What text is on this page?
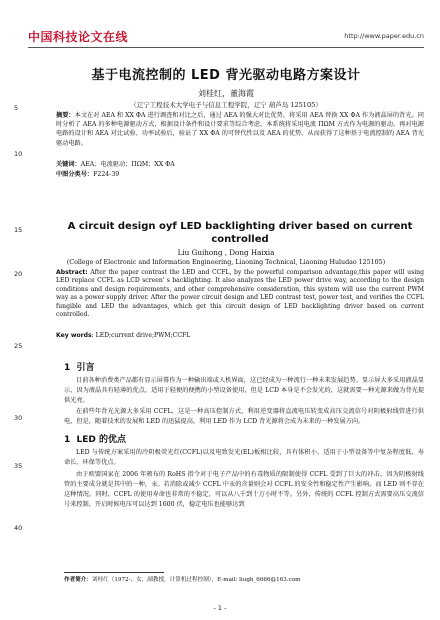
中国科技论文在线	http://www.paper.edu.cn
基于电流控制的 LED 背光驱动电路方案设计
刘桂红，董海霞
（辽宁工程技术大学电子与信息工程学院，辽宁 葫芦岛 125105）
5
10
15
20
25
30
35
40
摘要：本文在对 AEA 和 XX ΦA 进行调查和对比之后，通过 AEA 的强大对比优势，将采用 AEA 替换 XX ΦA 作为液晶屏的背光。同时分析了 AEA 的多种电源驱动方式，根据设计条件和设计要求等综合考虑，本系统将采用电流 ΠΩM 方式作为电源的驱动。再对电源电路的设计和 AEA 对比试验、功率试验后，验证了 XX ΦA 的可替代性以及 AEA 的优势，从而获得了这种基于电流控制的 AEA 背光驱动电路。
关键词：AEA；电流驱动；ΠΩM；XX ΦA
中图分类号：F224-39
A circuit design oyf LED backlighting driver based on current controlled
Liu Guihong , Dong Haixia
(College of Electronic and Information Engineering, Liaoning Technical, Liaoning Huludao 125105)
Abstract: After the paper contrast the LED and CCFL, by the powerful comparison advantage,this paper will using LED replace CCFL as LCD screen' s backlighting. It also analyzes the LED power drive way, according to the design conditions and design requirements, and other comprehensive consideration, this system will use the current PWM way as a power supply driver. After the power circuit design and LED contrast test, power test, and verifies the CCFL fungible and LED the advantages, which get this circuit design of LED backlighting driver based on current controlled.
Key words: LED;current drive;PWM;CCFL
1 引言
目前各种消费类产品都有显示屏幕作为一种输出端或人机界面，这已经成为一种流行一种未来发展趋势。显示屏大多采用液晶显示，因为液晶具有轻薄的优点，适用于轻便的便携的小型设备使用，但是 LCD 本身是不会发光的，这就需要一种光源来做为背光提供光亮。
在前些年背光光源大多采用 CCFL，这是一种高压控制方式，利用逆变器将直流电压转变成高压交流信号对阴极射线管进行供电，但是，随着技术的发展和 LED 的迅猛提高，利用 LED 作为 LCD 背光源将会成为未来的一种发展方向。
1 LED 的优点
LED 与传统方案采用的冷阴极荧光灯(CCFL)以及电致发光(EL)板相比较，具有体积小、适用于小型设备等中复杂程度低、寿命长、环保等优点。
由于欧盟国家在 2006 年颁布的 RoHS 指令对于电子产品中的有毒物质的限制使得 CCFL 受到了巨大的冲击，因为阴极射线管的主要成分就是其中的一种，汞。若消除或减少 CCFL 中汞的含量则会对 CCFL 的安全性和稳定性产生影响。而 LED 则不存在这种情况。同时，CCFL 的使用寿命也非常的不稳定，可以从八千到十万小时不等。另外，传统的 CCFL 控制方式需要高压交流信号来控制，开启时候电压可以达到 1600 伏，稳定电压也能够达到
作者简介：刘桂红（1972-，女，副教授，计算机过程控制），E-mail: liugh_6666@163.com
- 1 -
